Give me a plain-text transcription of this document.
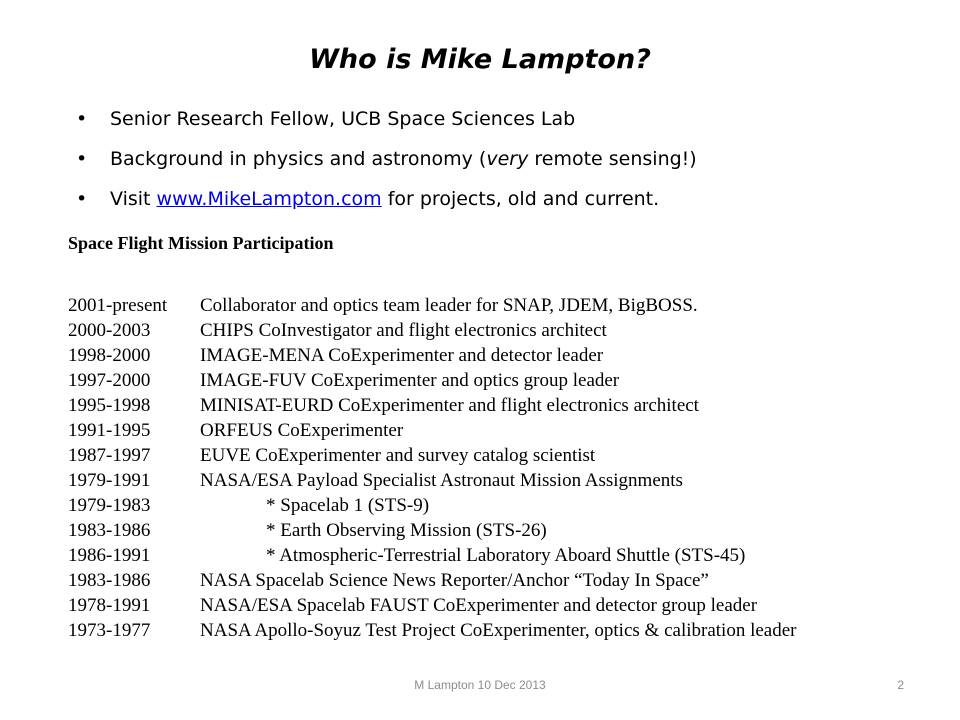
Who is Mike Lampton?
• Senior Research Fellow, UCB Space Sciences Lab
• Background in physics and astronomy (very remote sensing!)
• Visit www.MikeLampton.com for projects, old and current.
Space Flight Mission Participation
2001-present	Collaborator and optics team leader for SNAP, JDEM, BigBOSS.
2000-2003	CHIPS CoInvestigator and flight electronics architect
1998-2000	IMAGE-MENA CoExperimenter and detector leader
1997-2000	IMAGE-FUV CoExperimenter and optics group leader
1995-1998	MINISAT-EURD CoExperimenter and flight electronics architect
1991-1995	ORFEUS CoExperimenter
1987-1997	EUVE CoExperimenter and survey catalog scientist
1979-1991	NASA/ESA Payload Specialist Astronaut Mission Assignments
1979-1983	* Spacelab 1 (STS-9)
1983-1986	* Earth Observing Mission (STS-26)
1986-1991	* Atmospheric-Terrestrial Laboratory Aboard Shuttle (STS-45)
1983-1986	NASA Spacelab Science News Reporter/Anchor “Today In Space”
1978-1991	NASA/ESA Spacelab FAUST CoExperimenter and detector group leader
1973-1977	NASA Apollo-Soyuz Test Project CoExperimenter, optics & calibration leader
M Lampton 10 Dec 2013	2
